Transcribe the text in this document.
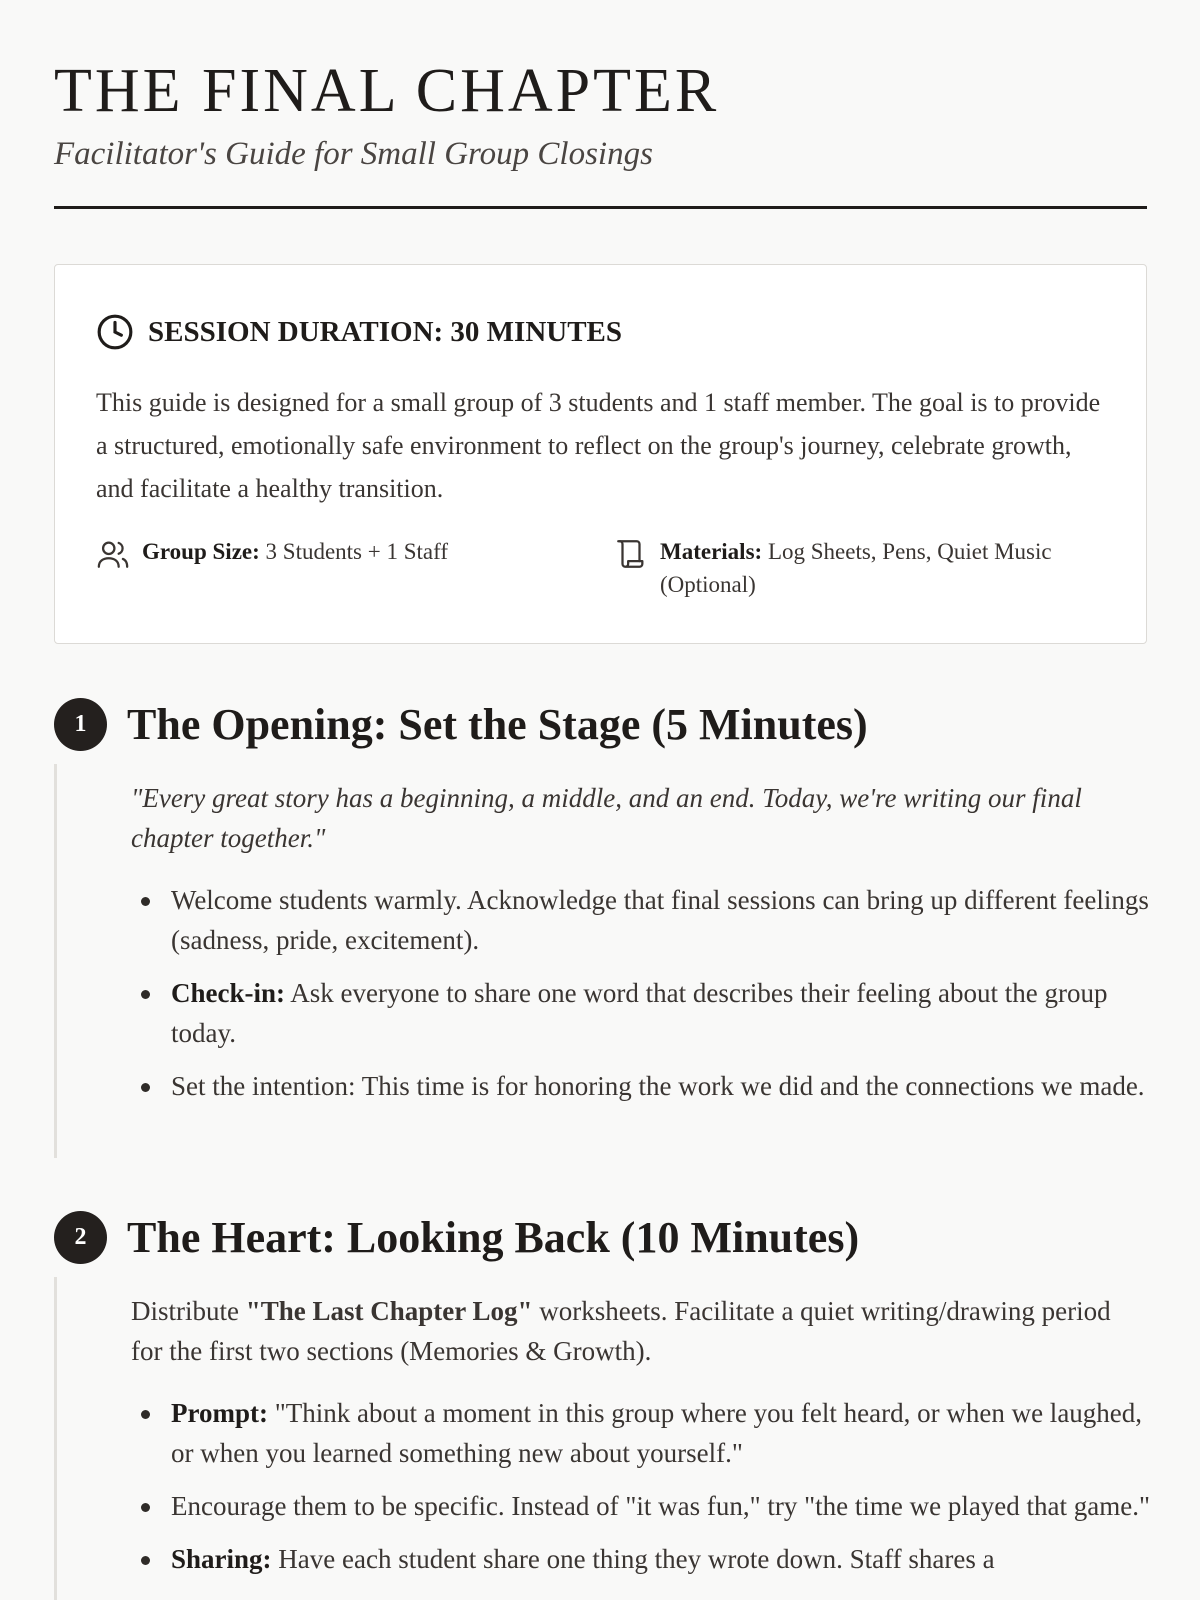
THE FINAL CHAPTER
Facilitator's Guide for Small Group Closings
SESSION DURATION: 30 MINUTES

This guide is designed for a small group of 3 students and 1 staff member. The goal is to provide a structured, emotionally safe environment to reflect on the group's journey, celebrate growth, and facilitate a healthy transition.

Group Size: 3 Students + 1 Staff	Materials: Log Sheets, Pens, Quiet Music (Optional)
1 The Opening: Set the Stage (5 Minutes)

"Every great story has a beginning, a middle, and an end. Today, we're writing our final chapter together."

Welcome students warmly. Acknowledge that final sessions can bring up different feelings (sadness, pride, excitement).
Check-in: Ask everyone to share one word that describes their feeling about the group today.
Set the intention: This time is for honoring the work we did and the connections we made.
2 The Heart: Looking Back (10 Minutes)

Distribute "The Last Chapter Log" worksheets. Facilitate a quiet writing/drawing period for the first two sections (Memories & Growth).

Prompt: "Think about a moment in this group where you felt heard, or when we laughed, or when you learned something new about yourself."
Encourage them to be specific. Instead of "it was fun," try "the time we played that game."
Sharing: Have each student share one thing they wrote down. Staff shares a
